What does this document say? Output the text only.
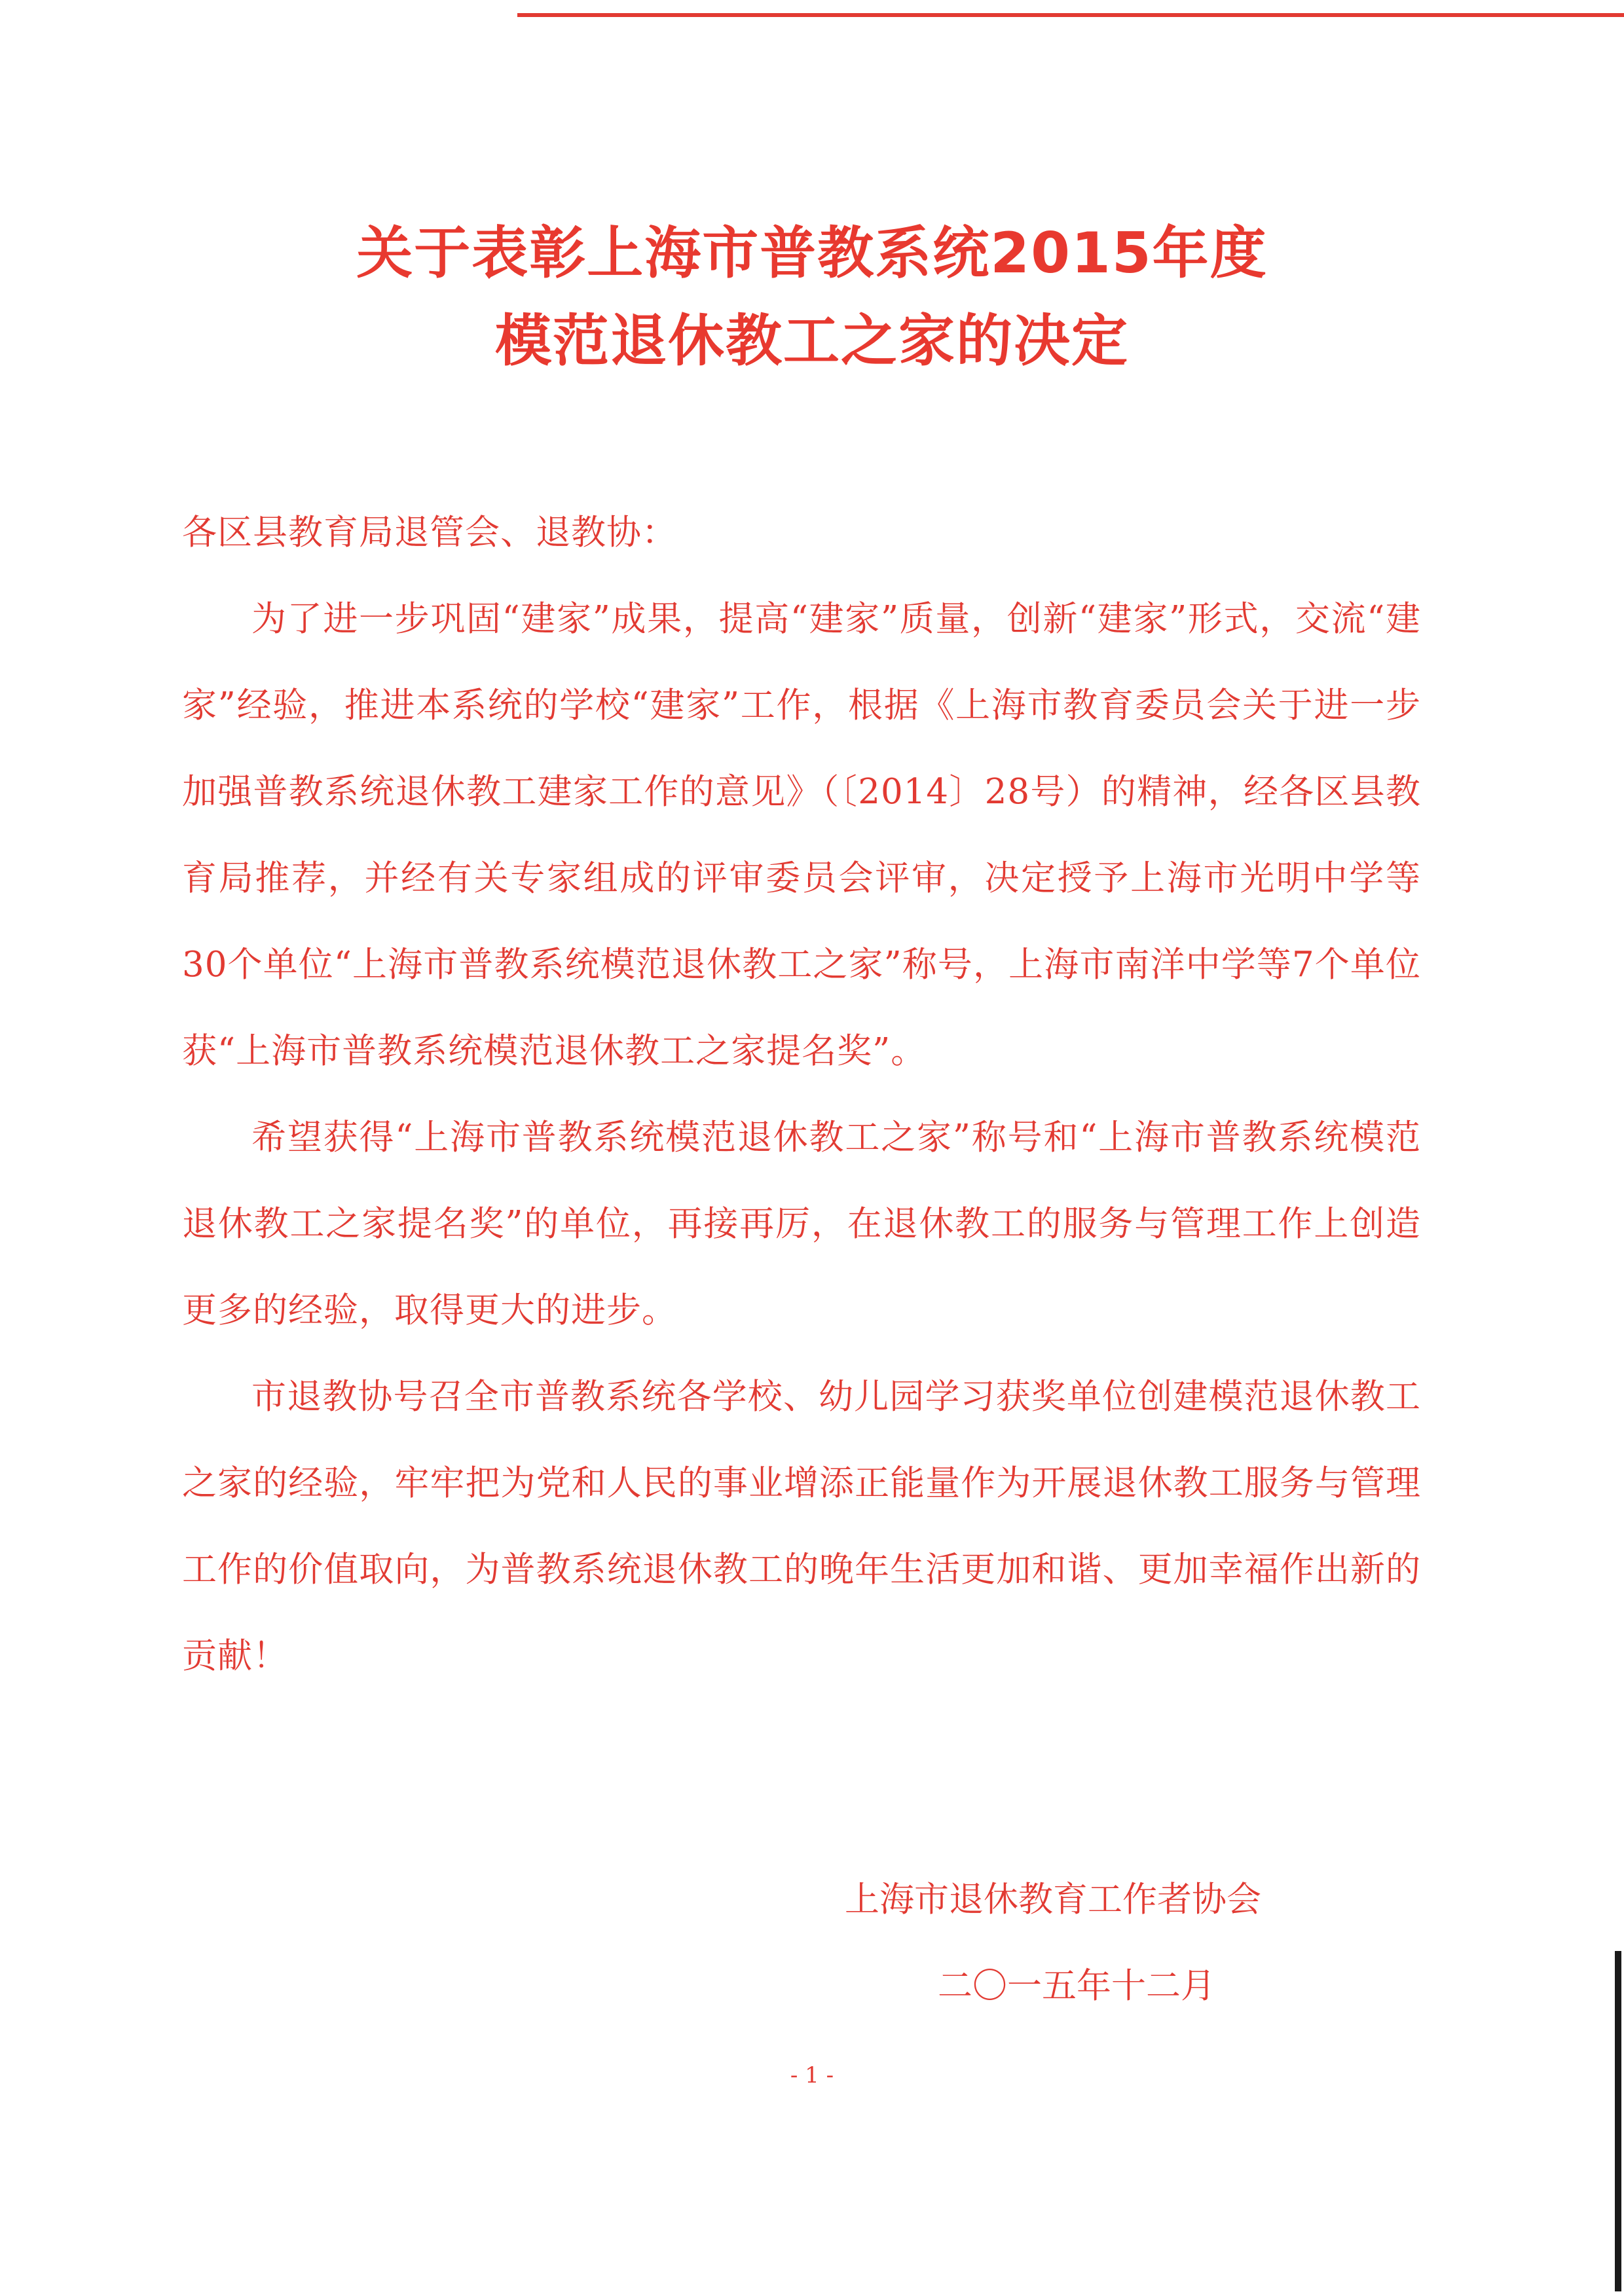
关于表彰上海市普教系统2015年度
模范退休教工之家的决定

各区县教育局退管会、退教协：

为了进一步巩固“建家”成果，提高“建家”质量，创新“建家”形式，交流“建家”经验，推进本系统的学校“建家”工作，根据《上海市教育委员会关于进一步加强普教系统退休教工建家工作的意见》（〔2014〕28号）的精神，经各区县教育局推荐，并经有关专家组成的评审委员会评审，决定授予上海市光明中学等30个单位“上海市普教系统模范退休教工之家”称号，上海市南洋中学等7个单位获“上海市普教系统模范退休教工之家提名奖”。

希望获得“上海市普教系统模范退休教工之家”称号和“上海市普教系统模范退休教工之家提名奖”的单位，再接再厉，在退休教工的服务与管理工作上创造更多的经验，取得更大的进步。

市退教协号召全市普教系统各学校、幼儿园学习获奖单位创建模范退休教工之家的经验，牢牢把为党和人民的事业增添正能量作为开展退休教工服务与管理工作的价值取向，为普教系统退休教工的晚年生活更加和谐、更加幸福作出新的贡献！

上海市退休教育工作者协会
二〇一五年十二月
- 1 -
